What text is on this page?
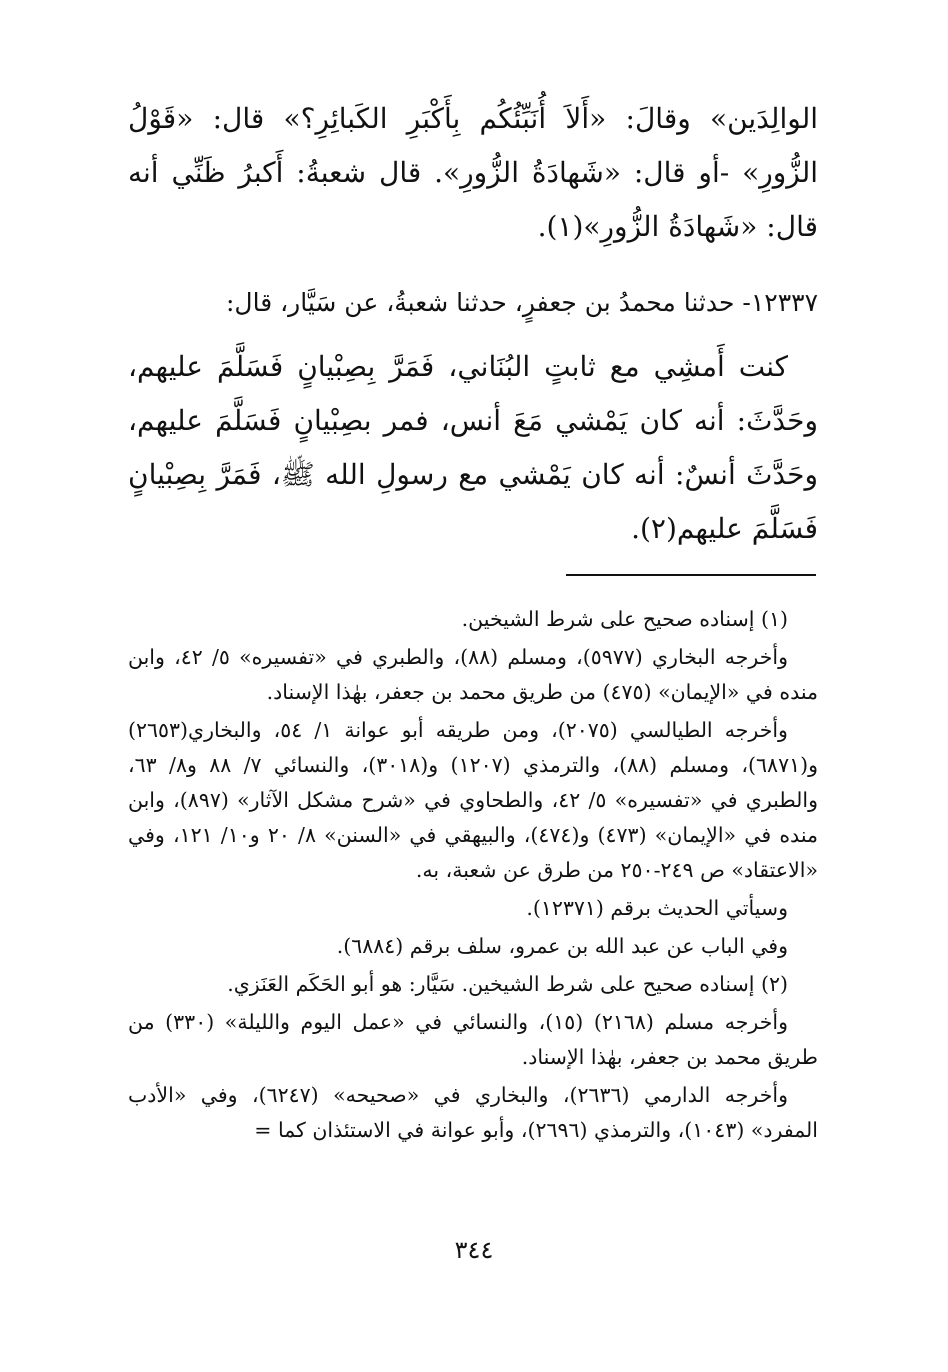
الوالِدَين» وقالَ: «أَلاَ أُنَبِّئُكُم بِأَكْبَرِ الكَبائِرِ؟» قال: «قَوْلُ الزُّورِ» -أو قال: «شَهادَةُ الزُّورِ». قال شعبةُ: أَكبرُ ظَنِّي أنه قال: «شَهادَةُ الزُّورِ»(١).

١٢٣٣٧- حدثنا محمدُ بن جعفرٍ، حدثنا شعبةُ، عن سَيَّار، قال:

كنت أَمشِي مع ثابتٍ البُنَاني، فَمَرَّ بِصِبْيانٍ فَسَلَّمَ عليهم، وحَدَّثَ: أنه كان يَمْشي مَعَ أنس، فمر بصِبْيانٍ فَسَلَّمَ عليهم، وحَدَّثَ أنسٌ: أنه كان يَمْشي مع رسولِ الله ﷺ، فَمَرَّ بِصِبْيانٍ فَسَلَّمَ عليهم(٢).

(١) إسناده صحيح على شرط الشيخين.

وأخرجه البخاري (٥٩٧٧)، ومسلم (٨٨)، والطبري في «تفسيره» ٥/ ٤٢، وابن منده في «الإيمان» (٤٧٥) من طريق محمد بن جعفر، بهٰذا الإسناد.

وأخرجه الطيالسي (٢٠٧٥)، ومن طريقه أبو عوانة ١/ ٥٤، والبخاري(٢٦٥٣) و(٦٨٧١)، ومسلم (٨٨)، والترمذي (١٢٠٧) و(٣٠١٨)، والنسائي ٧/ ٨٨ و٨/ ٦٣، والطبري في «تفسيره» ٥/ ٤٢، والطحاوي في «شرح مشكل الآثار» (٨٩٧)، وابن منده في «الإيمان» (٤٧٣) و(٤٧٤)، والبيهقي في «السنن» ٨/ ٢٠ و١٠/ ١٢١، وفي «الاعتقاد» ص ٢٤٩-٢٥٠ من طرق عن شعبة، به.

وسيأتي الحديث برقم (١٢٣٧١).

وفي الباب عن عبد الله بن عمرو، سلف برقم (٦٨٨٤).

(٢) إسناده صحيح على شرط الشيخين. سَيَّار: هو أبو الحَكَم العَنَزي.

وأخرجه مسلم (٢١٦٨) (١٥)، والنسائي في «عمل اليوم والليلة» (٣٣٠) من طريق محمد بن جعفر، بهٰذا الإسناد.

وأخرجه الدارمي (٢٦٣٦)، والبخاري في «صحيحه» (٦٢٤٧)، وفي «الأدب المفرد» (١٠٤٣)، والترمذي (٢٦٩٦)، وأبو عوانة في الاستئذان كما =

٣٤٤
